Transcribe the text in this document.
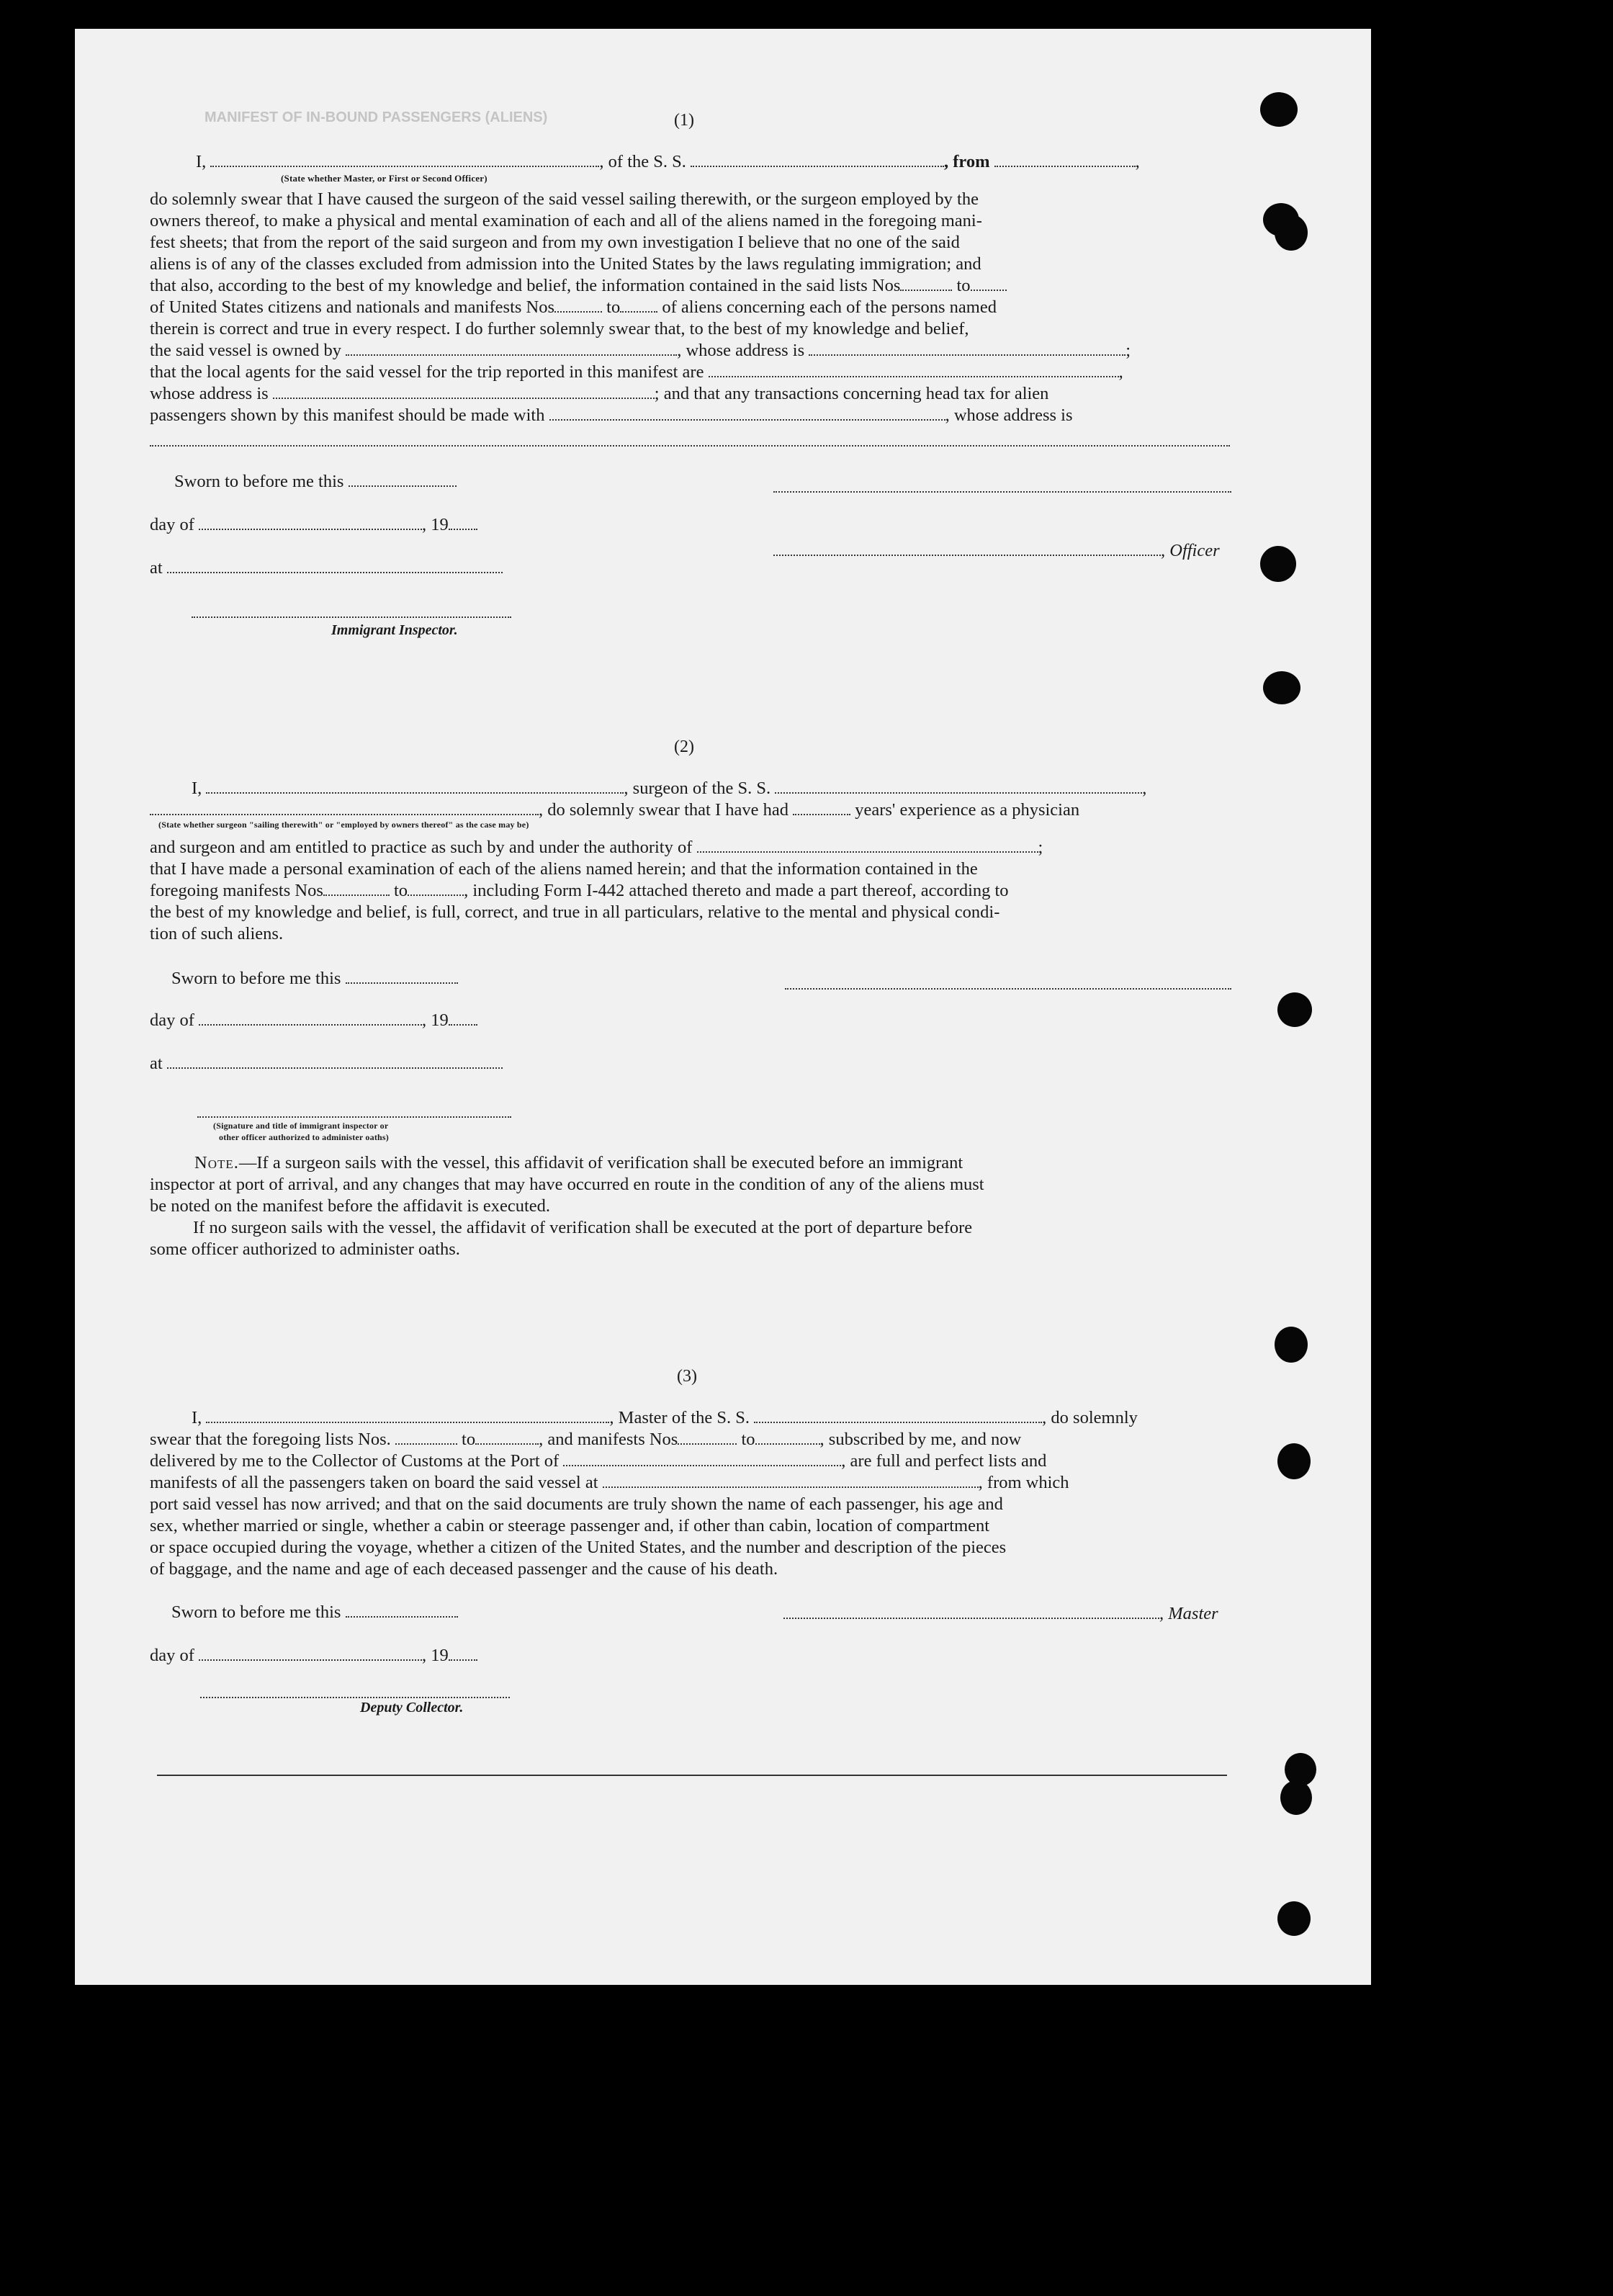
MANIFEST OF IN-BOUND PASSENGERS (ALIENS)	(1)
I,	, of the S. S.	, from	,
(State whether Master, or First or Second Officer)
do solemnly swear that I have caused the surgeon of the said vessel sailing therewith, or the surgeon employed by the
owners thereof, to make a physical and mental examination of each and all of the aliens named in the foregoing mani-
fest sheets; that from the report of the said surgeon and from my own investigation I believe that no one of the said
aliens is of any of the classes excluded from admission into the United States by the laws regulating immigration; and
that also, according to the best of my knowledge and belief, the information contained in the said lists Nos	to
of United States citizens and nationals and manifests Nos	to of aliens concerning each of the persons named
therein is correct and true in every respect. I do further solemnly swear that, to the best of my knowledge and belief,
the said vessel is owned by	, whose address is	;
that the local agents for the said vessel for the trip reported in this manifest are	,
whose address is	; and that any transactions concerning head tax for alien
passengers shown by this manifest should be made with	, whose address is
Sworn to before me this
day of	, 19
, Officer
at
Immigrant Inspector.
(2)
I,	, surgeon of the S. S.	,
, do solemnly swear that I have had	years' experience as a physician
(State whether surgeon "sailing therewith" or "employed by owners thereof" as the case may be)
and surgeon and am entitled to practice as such by and under the authority of	;
that I have made a personal examination of each of the aliens named herein; and that the information contained in the
foregoing manifests Nos	to	, including Form I-442 attached thereto and made a part thereof, according to
the best of my knowledge and belief, is full, correct, and true in all particulars, relative to the mental and physical condi-
tion of such aliens.
Sworn to before me this
day of	, 19
at
(Signature and title of immigrant inspector or
other officer authorized to administer oaths)
Note.—If a surgeon sails with the vessel, this affidavit of verification shall be executed before an immigrant
inspector at port of arrival, and any changes that may have occurred en route in the condition of any of the aliens must
be noted on the manifest before the affidavit is executed.
If no surgeon sails with the vessel, the affidavit of verification shall be executed at the port of departure before
some officer authorized to administer oaths.
(3)
I,	, Master of the S. S.	, do solemnly
swear that the foregoing lists Nos.	to	, and manifests Nos	to	, subscribed by me, and now
delivered by me to the Collector of Customs at the Port of	, are full and perfect lists and
manifests of all the passengers taken on board the said vessel at	, from which
port said vessel has now arrived; and that on the said documents are truly shown the name of each passenger, his age and
sex, whether married or single, whether a cabin or steerage passenger and, if other than cabin, location of compartment
or space occupied during the voyage, whether a citizen of the United States, and the number and description of the pieces
of baggage, and the name and age of each deceased passenger and the cause of his death.
Sworn to before me this	, Master
day of	, 19
Deputy Collector.
